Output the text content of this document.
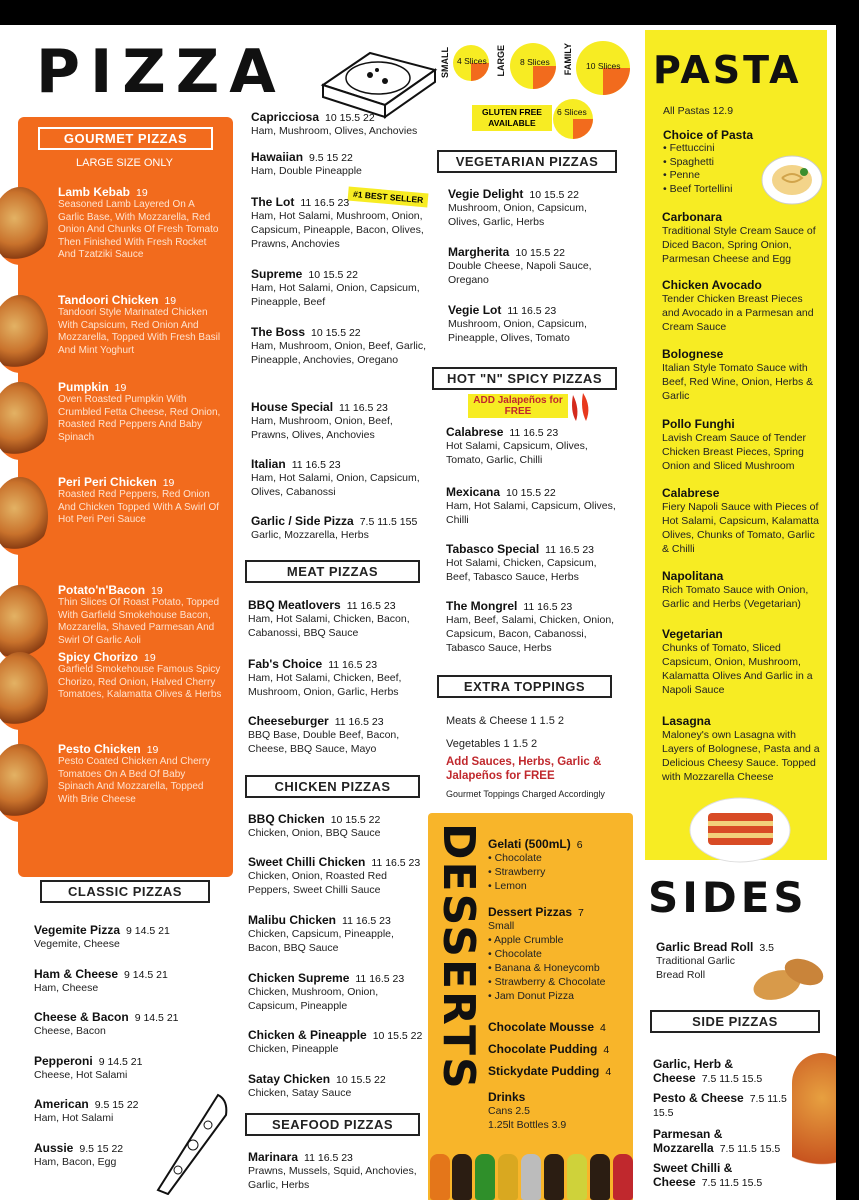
PIZZA	SMALL 4 Slices LARGE 8 Slices FAMILY 10 Slices
GLUTEN FREE AVAILABLE
6 Slices
GOURMET PIZZAS
LARGE SIZE ONLY
CLASSIC PIZZAS
#1 BEST SELLER
MEAT PIZZAS
CHICKEN PIZZAS
SEAFOOD PIZZAS
VEGETARIAN PIZZAS
HOT "N" SPICY PIZZAS
ADD Jalapeños for FREE
EXTRA TOPPINGS
Meats & Cheese 1 1.5 2
Vegetables 1 1.5 2
Add Sauces, Herbs, Garlic & Jalapeños for FREE
Gourmet Toppings Charged Accordingly
DESSERTS
PASTA
All Pastas 12.9
Choice of Pasta
• Fettuccini
• Spaghetti
• Penne
• Beef Tortellini
SIDES
Garlic Bread Roll 3.5
Traditional Garlic Bread Roll
SIDE PIZZAS
Lamb Kebab 19
Seasoned Lamb Layered On A Garlic Base, With Mozzarella, Red Onion And Chunks Of Fresh Tomato Then Finished With Fresh Rocket And Tzatziki Sauce
Tandoori Chicken 19
Tandoori Style Marinated Chicken With Capsicum, Red Onion And Mozzarella, Topped With Fresh Basil And Mint Yoghurt
Pumpkin 19
Oven Roasted Pumpkin With Crumbled Fetta Cheese, Red Onion, Roasted Red Peppers And Baby Spinach
Peri Peri Chicken 19
Roasted Red Peppers, Red Onion And Chicken Topped With A Swirl Of Hot Peri Peri Sauce
Potato'n'Bacon 19
Thin Slices Of Roast Potato, Topped With Garfield Smokehouse Bacon, Mozzarella, Shaved Parmesan And Swirl Of Garlic Aoli
Spicy Chorizo 19
Garfield Smokehouse Famous Spicy Chorizo, Red Onion, Halved Cherry Tomatoes, Kalamatta Olives & Herbs
Pesto Chicken 19
Pesto Coated Chicken And Cherry Tomatoes On A Bed Of Baby Spinach And Mozzarella, Topped With Brie Cheese
Vegemite Pizza 9 14.5 21
Vegemite, Cheese
Ham & Cheese 9 14.5 21
Ham, Cheese
Cheese & Bacon 9 14.5 21
Cheese, Bacon
Pepperoni 9 14.5 21
Cheese, Hot Salami
American 9.5 15 22
Ham, Hot Salami
Aussie 9.5 15 22
Ham, Bacon, Egg
Capricciosa 10 15.5 22
Ham, Mushroom, Olives, Anchovies
Hawaiian 9.5 15 22
Ham, Double Pineapple
The Lot 11 16.5 23
Ham, Hot Salami, Mushroom, Onion, Capsicum, Pineapple, Bacon, Olives, Prawns, Anchovies
Supreme 10 15.5 22
Ham, Hot Salami, Onion, Capsicum, Pineapple, Beef
The Boss 10 15.5 22
Ham, Mushroom, Onion, Beef, Garlic, Pineapple, Anchovies, Oregano
House Special 11 16.5 23
Ham, Mushroom, Onion, Beef, Prawns, Olives, Anchovies
Italian 11 16.5 23
Ham, Hot Salami, Onion, Capsicum, Olives, Cabanossi
Garlic / Side Pizza 7.5 11.5 155
Garlic, Mozzarella, Herbs
BBQ Meatlovers 11 16.5 23
Ham, Hot Salami, Chicken, Bacon, Cabanossi, BBQ Sauce
Fab's Choice 11 16.5 23
Ham, Hot Salami, Chicken, Beef, Mushroom, Onion, Garlic, Herbs
Cheeseburger 11 16.5 23
BBQ Base, Double Beef, Bacon, Cheese, BBQ Sauce, Mayo
BBQ Chicken 10 15.5 22
Chicken, Onion, BBQ Sauce
Sweet Chilli Chicken 11 16.5 23
Chicken, Onion, Roasted Red Peppers, Sweet Chilli Sauce
Malibu Chicken 11 16.5 23
Chicken, Capsicum, Pineapple, Bacon, BBQ Sauce
Chicken Supreme 11 16.5 23
Chicken, Mushroom, Onion, Capsicum, Pineapple
Chicken & Pineapple 10 15.5 22
Chicken, Pineapple
Satay Chicken 10 15.5 22
Chicken, Satay Sauce
Marinara 11 16.5 23
Prawns, Mussels, Squid, Anchovies, Garlic, Herbs
Vegie Delight 10 15.5 22
Mushroom, Onion, Capsicum, Olives, Garlic, Herbs
Margherita 10 15.5 22
Double Cheese, Napoli Sauce, Oregano
Vegie Lot 11 16.5 23
Mushroom, Onion, Capsicum, Pineapple, Olives, Tomato
Calabrese 11 16.5 23
Hot Salami, Capsicum, Olives, Tomato, Garlic, Chilli
Mexicana 10 15.5 22
Ham, Hot Salami, Capsicum, Olives, Chilli
Tabasco Special 11 16.5 23
Hot Salami, Chicken, Capsicum, Beef, Tabasco Sauce, Herbs
The Mongrel 11 16.5 23
Ham, Beef, Salami, Chicken, Onion, Capsicum, Bacon, Cabanossi, Tabasco Sauce, Herbs
Gelati (500mL) 6
• Chocolate
• Strawberry
• Lemon
Dessert Pizzas 7
Small
• Apple Crumble
• Chocolate
• Banana & Honeycomb
• Strawberry & Chocolate
• Jam Donut Pizza
Chocolate Mousse 4
Chocolate Pudding 4
Stickydate Pudding 4
Drinks
Cans 2.5
1.25lt Bottles 3.9
Carbonara
Traditional Style Cream Sauce of Diced Bacon, Spring Onion, Parmesan Cheese and Egg
Chicken Avocado
Tender Chicken Breast Pieces and Avocado in a Parmesan and Cream Sauce
Bolognese
Italian Style Tomato Sauce with Beef, Red Wine, Onion, Herbs & Garlic
Pollo Funghi
Lavish Cream Sauce of Tender Chicken Breast Pieces, Spring Onion and Sliced Mushroom
Calabrese
Fiery Napoli Sauce with Pieces of Hot Salami, Capsicum, Kalamatta Olives, Chunks of Tomato, Garlic & Chilli
Napolitana
Rich Tomato Sauce with Onion, Garlic and Herbs (Vegetarian)
Vegetarian
Chunks of Tomato, Sliced Capsicum, Onion, Mushroom, Kalamatta Olives And Garlic in a Napoli Sauce
Lasagna
Maloney's own Lasagna with Layers of Bolognese, Pasta and a Delicious Cheesy Sauce. Topped with Mozzarella Cheese
Garlic, Herb & Cheese 7.5 11.5 15.5
Pesto & Cheese 7.5 11.5 15.5
Parmesan & Mozzarella 7.5 11.5 15.5
Sweet Chilli & Cheese 7.5 11.5 15.5
